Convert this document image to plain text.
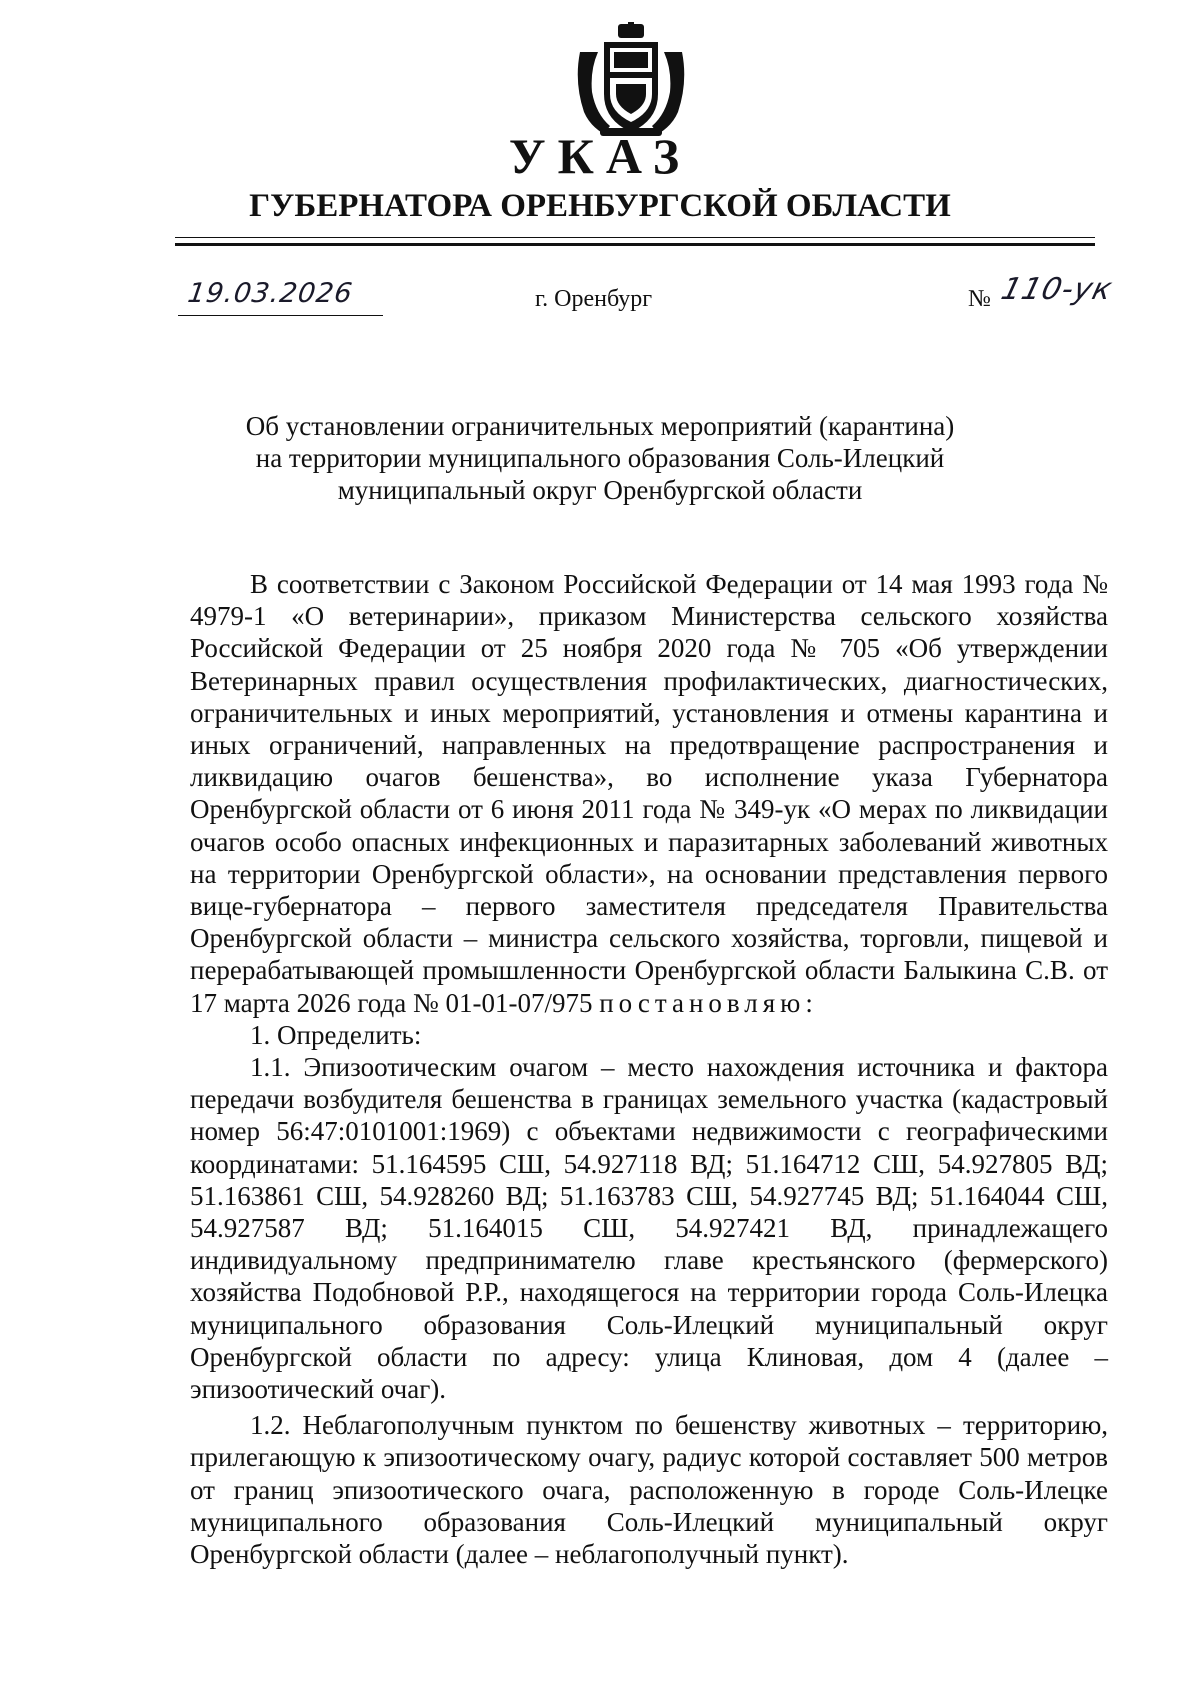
УКАЗ
ГУБЕРНАТОРА ОРЕНБУРГСКОЙ ОБЛАСТИ
19.03.2026	г. Оренбург	№ 110-ук
Об установлении ограничительных мероприятий (карантина)
на территории муниципального образования Соль-Илецкий
муниципальный округ Оренбургской области

В соответствии с Законом Российской Федерации от 14 мая 1993 года № 4979-1 «О ветеринарии», приказом Министерства сельского хозяйства Российской Федерации от 25 ноября 2020 года № 705 «Об утверждении Ветеринарных правил осуществления профилактических, диагностических, ограничительных и иных мероприятий, установления и отмены карантина и иных ограничений, направленных на предотвращение распространения и ликвидацию очагов бешенства», во исполнение указа Губернатора Оренбургской области от 6 июня 2011 года № 349-ук «О мерах по ликвидации очагов особо опасных инфекционных и паразитарных заболеваний животных на территории Оренбургской области», на основании представления первого вице-губернатора – первого заместителя председателя Правительства Оренбургской области – министра сельского хозяйства, торговли, пищевой и перерабатывающей промышленности Оренбургской области Балыкина С.В. от 17 марта 2026 года № 01-01-07/975 постановляю:

1. Определить:

1.1. Эпизоотическим очагом – место нахождения источника и фактора передачи возбудителя бешенства в границах земельного участка (кадастровый номер 56:47:0101001:1969) с объектами недвижимости с географическими координатами: 51.164595 СШ, 54.927118 ВД; 51.164712 СШ, 54.927805 ВД; 51.163861 СШ, 54.928260 ВД; 51.163783 СШ, 54.927745 ВД; 51.164044 СШ, 54.927587 ВД; 51.164015 СШ, 54.927421 ВД, принадлежащего индивидуальному предпринимателю главе крестьянского (фермерского) хозяйства Подобновой Р.Р., находящегося на территории города Соль-Илецка муниципального образования Соль-Илецкий муниципальный округ Оренбургской области по адресу: улица Клиновая, дом 4 (далее – эпизоотический очаг).

1.2. Неблагополучным пунктом по бешенству животных – территорию, прилегающую к эпизоотическому очагу, радиус которой составляет 500 метров от границ эпизоотического очага, расположенную в городе Соль-Илецке муниципального образования Соль-Илецкий муниципальный округ Оренбургской области (далее – неблагополучный пункт).
